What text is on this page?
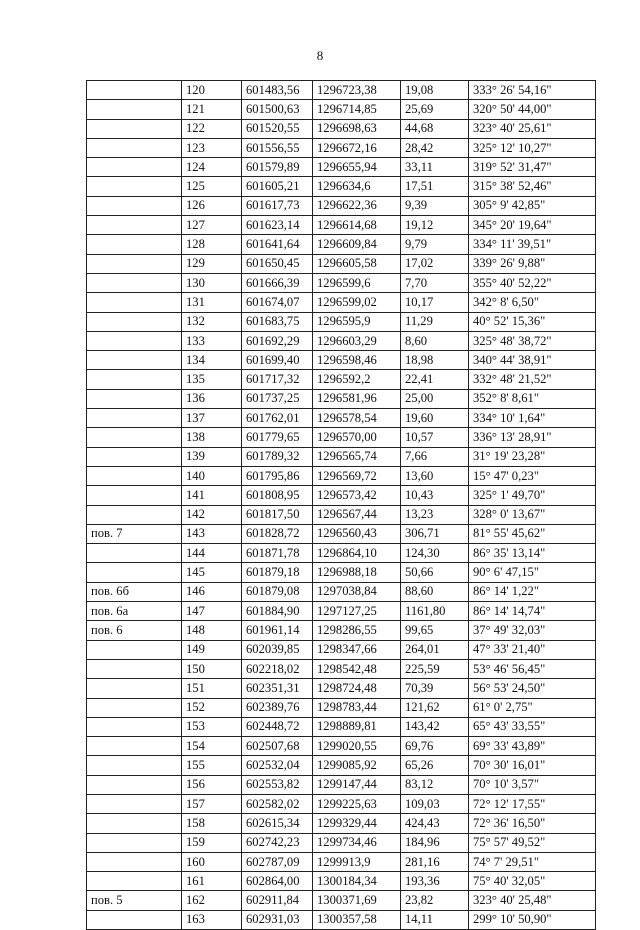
8
	120	601483,56	1296723,38	19,08	333° 26' 54,16"
	121	601500,63	1296714,85	25,69	320° 50' 44,00"
	122	601520,55	1296698,63	44,68	323° 40' 25,61"
	123	601556,55	1296672,16	28,42	325° 12' 10,27"
	124	601579,89	1296655,94	33,11	319° 52' 31,47"
	125	601605,21	1296634,6	17,51	315° 38' 52,46"
	126	601617,73	1296622,36	9,39	305° 9' 42,85"
	127	601623,14	1296614,68	19,12	345° 20' 19,64"
	128	601641,64	1296609,84	9,79	334° 11' 39,51"
	129	601650,45	1296605,58	17,02	339° 26' 9,88"
	130	601666,39	1296599,6	7,70	355° 40' 52,22"
	131	601674,07	1296599,02	10,17	342° 8' 6,50"
	132	601683,75	1296595,9	11,29	40° 52' 15,36"
	133	601692,29	1296603,29	8,60	325° 48' 38,72"
	134	601699,40	1296598,46	18,98	340° 44' 38,91"
	135	601717,32	1296592,2	22,41	332° 48' 21,52"
	136	601737,25	1296581,96	25,00	352° 8' 8,61"
	137	601762,01	1296578,54	19,60	334° 10' 1,64"
	138	601779,65	1296570,00	10,57	336° 13' 28,91"
	139	601789,32	1296565,74	7,66	31° 19' 23,28"
	140	601795,86	1296569,72	13,60	15° 47' 0,23"
	141	601808,95	1296573,42	10,43	325° 1' 49,70"
	142	601817,50	1296567,44	13,23	328° 0' 13,67"
пов. 7	143	601828,72	1296560,43	306,71	81° 55' 45,62"
	144	601871,78	1296864,10	124,30	86° 35' 13,14"
	145	601879,18	1296988,18	50,66	90° 6' 47,15"
пов. 6б	146	601879,08	1297038,84	88,60	86° 14' 1,22"
пов. 6а	147	601884,90	1297127,25	1161,80	86° 14' 14,74"
пов. 6	148	601961,14	1298286,55	99,65	37° 49' 32,03"
	149	602039,85	1298347,66	264,01	47° 33' 21,40"
	150	602218,02	1298542,48	225,59	53° 46' 56,45"
	151	602351,31	1298724,48	70,39	56° 53' 24,50"
	152	602389,76	1298783,44	121,62	61° 0' 2,75"
	153	602448,72	1298889,81	143,42	65° 43' 33,55"
	154	602507,68	1299020,55	69,76	69° 33' 43,89"
	155	602532,04	1299085,92	65,26	70° 30' 16,01"
	156	602553,82	1299147,44	83,12	70° 10' 3,57"
	157	602582,02	1299225,63	109,03	72° 12' 17,55"
	158	602615,34	1299329,44	424,43	72° 36' 16,50"
	159	602742,23	1299734,46	184,96	75° 57' 49,52"
	160	602787,09	1299913,9	281,16	74° 7' 29,51"
	161	602864,00	1300184,34	193,36	75° 40' 32,05"
пов. 5	162	602911,84	1300371,69	23,82	323° 40' 25,48"
	163	602931,03	1300357,58	14,11	299° 10' 50,90"
